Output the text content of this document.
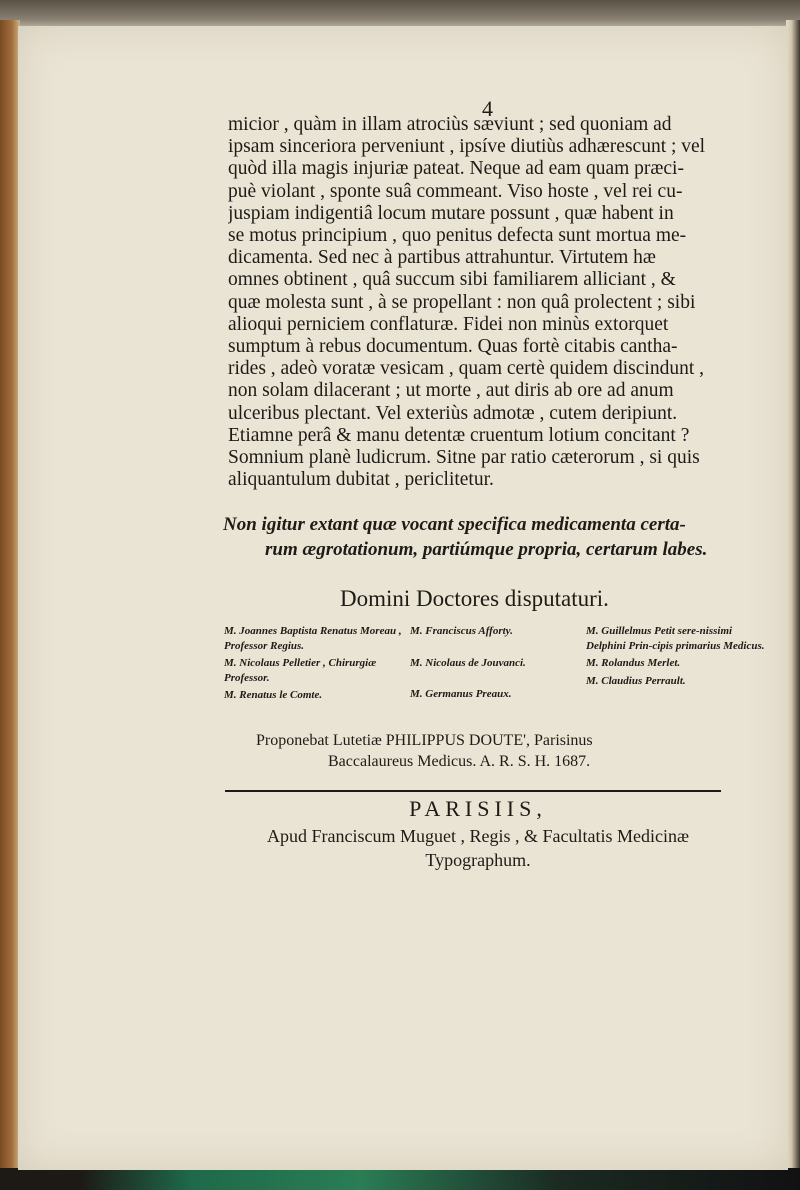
4
micior , quàm in illam atrociùs sæviunt ; sed quoniam ad
ipsam sinceriora perveniunt , ipsíve diutiùs adhærescunt ; vel
quòd illa magis injuriæ pateat. Neque ad eam quam præci-
puè violant , sponte suâ commeant. Viso hoste , vel rei cu-
juspiam indigentiâ locum mutare possunt , quæ habent in
se motus principium , quo penitus defecta sunt mortua me-
dicamenta. Sed nec à partibus attrahuntur. Virtutem hæ
omnes obtinent , quâ succum sibi familiarem alliciant , &
quæ molesta sunt , à se propellant : non quâ prolectent ; sibi
alioqui perniciem conflaturæ. Fidei non minùs extorquet
sumptum à rebus documentum. Quas fortè citabis cantha-
rides , adeò voratæ vesicam , quam certè quidem discindunt ,
non solam dilacerant ; ut morte , aut diris ab ore ad anum
ulceribus plectant. Vel exteriùs admotæ , cutem deripiunt.
Etiamne perâ & manu detentæ cruentum lotium concitant ?
Somnium planè ludicrum. Sitne par ratio cæterorum , si quis
aliquantulum dubitat , periclitetur.
Non igitur extant quæ vocant specifica medicamenta certa-
rum ægrotationum, partiúmque propria, certarum labes.
Domini Doctores disputaturi.
M. Joannes Baptista Renatus Moreau , Professor Regius.
M. Nicolaus Pelletier , Chirurgiæ Professor.
M. Renatus le Comte.
M. Franciscus Afforty.
M. Nicolaus de Jouvanci.
M. Germanus Preaux.
M. Guillelmus Petit sere-nissimi Delphini Prin-cipis primarius Medicus.
M. Rolandus Merlet.
M. Claudius Perrault.
Proponebat Lutetiæ PHILIPPUS DOUTE', Parisinus
Baccalaureus Medicus. A. R. S. H. 1687.
PARISIIS,
Apud Franciscum Muguet , Regis , & Facultatis Medicinæ
Typographum.
